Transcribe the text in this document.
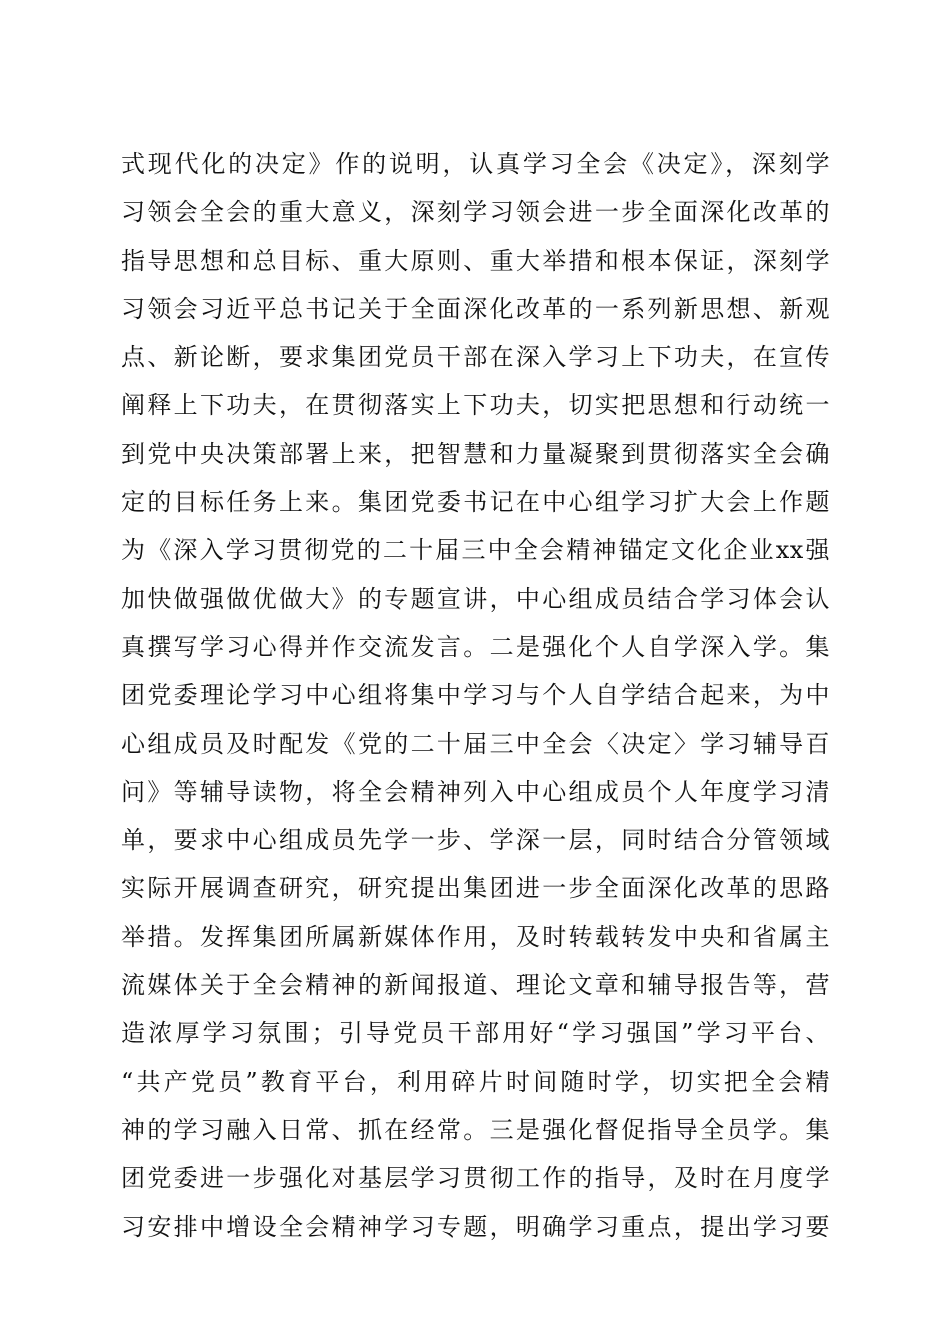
式现代化的决定》作的说明，认真学习全会《决定》，深刻学
习领会全会的重大意义，深刻学习领会进一步全面深化改革的
指导思想和总目标、重大原则、重大举措和根本保证，深刻学
习领会习近平总书记关于全面深化改革的一系列新思想、新观
点、新论断，要求集团党员干部在深入学习上下功夫，在宣传
阐释上下功夫，在贯彻落实上下功夫，切实把思想和行动统一
到党中央决策部署上来，把智慧和力量凝聚到贯彻落实全会确
定的目标任务上来。集团党委书记在中心组学习扩大会上作题
为《深入学习贯彻党的二十届三中全会精神锚定文化企业xx强
加快做强做优做大》的专题宣讲，中心组成员结合学习体会认
真撰写学习心得并作交流发言。二是强化个人自学深入学。集
团党委理论学习中心组将集中学习与个人自学结合起来，为中
心组成员及时配发《党的二十届三中全会〈决定〉学习辅导百
问》等辅导读物，将全会精神列入中心组成员个人年度学习清
单，要求中心组成员先学一步、学深一层，同时结合分管领域
实际开展调查研究，研究提出集团进一步全面深化改革的思路
举措。发挥集团所属新媒体作用，及时转载转发中央和省属主
流媒体关于全会精神的新闻报道、理论文章和辅导报告等，营
造浓厚学习氛围；引导党员干部用好“学习强国”学习平台、
“共产党员”教育平台，利用碎片时间随时学，切实把全会精
神的学习融入日常、抓在经常。三是强化督促指导全员学。集
团党委进一步强化对基层学习贯彻工作的指导，及时在月度学
习安排中增设全会精神学习专题，明确学习重点，提出学习要
